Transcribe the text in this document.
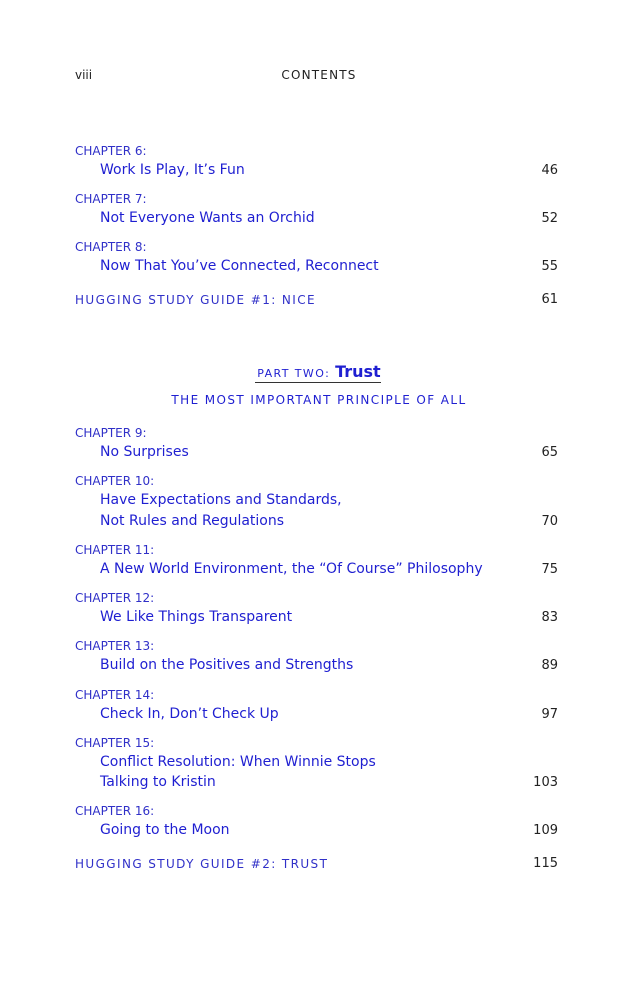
viii	CONTENTS
CHAPTER 6:
Work Is Play, It’s Fun	46
CHAPTER 7:
Not Everyone Wants an Orchid	52
CHAPTER 8:
Now That You’ve Connected, Reconnect	55
HUGGING STUDY GUIDE #1: NICE	61
PART TWO: Trust
THE MOST IMPORTANT PRINCIPLE OF ALL
CHAPTER 9:
No Surprises	65
CHAPTER 10:
Have Expectations and Standards,
Not Rules and Regulations	70
CHAPTER 11:
A New World Environment, the “Of Course” Philosophy	75
CHAPTER 12:
We Like Things Transparent	83
CHAPTER 13:
Build on the Positives and Strengths	89
CHAPTER 14:
Check In, Don’t Check Up	97
CHAPTER 15:
Conflict Resolution: When Winnie Stops
Talking to Kristin	103
CHAPTER 16:
Going to the Moon	109
HUGGING STUDY GUIDE #2: TRUST	115
